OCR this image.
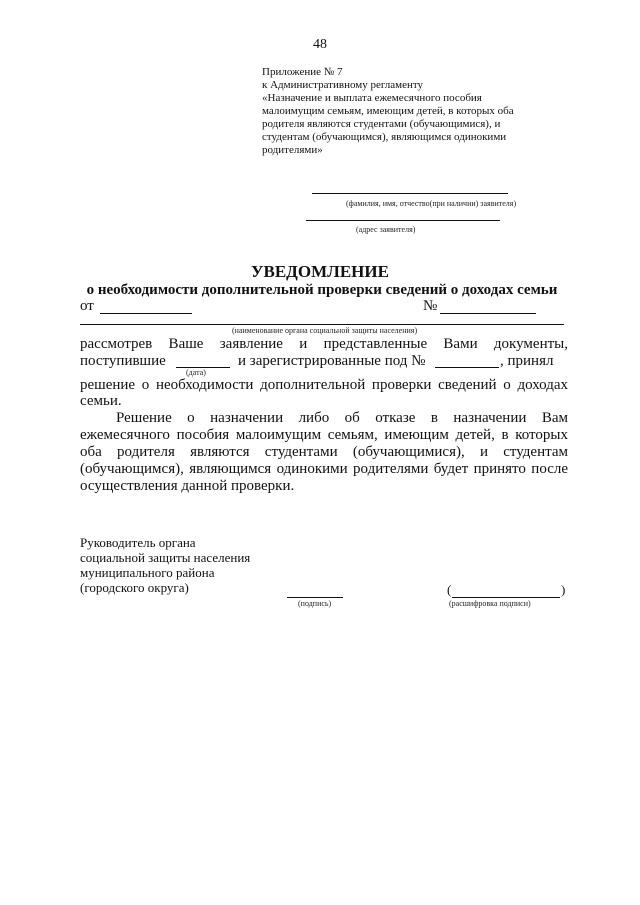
48
Приложение № 7
к Административному регламенту
«Назначение и выплата ежемесячного пособия
малоимущим семьям, имеющим детей, в которых оба
родителя являются студентами (обучающимися), и
студентам (обучающимся), являющимся одинокими
родителями»
(фамилия, имя, отчество(при наличии) заявителя)
(адрес заявителя)
УВЕДОМЛЕНИЕ
о необходимости дополнительной проверки сведений о доходах семьи
от	№
(наименование органа социальной защиты населения)
рассмотрев Ваше заявление и представленные Вами документы,
поступившие	и зарегистрированные под №	, принял
(дата)
решение о необходимости дополнительной проверки сведений о доходах
семьи.
Решение о назначении либо об отказе в назначении Вам
ежемесячного пособия малоимущим семьям, имеющим детей, в которых
оба родителя являются студентами (обучающимися), и студентам
(обучающимся), являющимся одинокими родителями будет принято после
осуществления данной проверки.
Руководитель органа
социальной защиты населения
муниципального района
(городского округа)
(подпись)
(	)
(расшифровка подписи)
